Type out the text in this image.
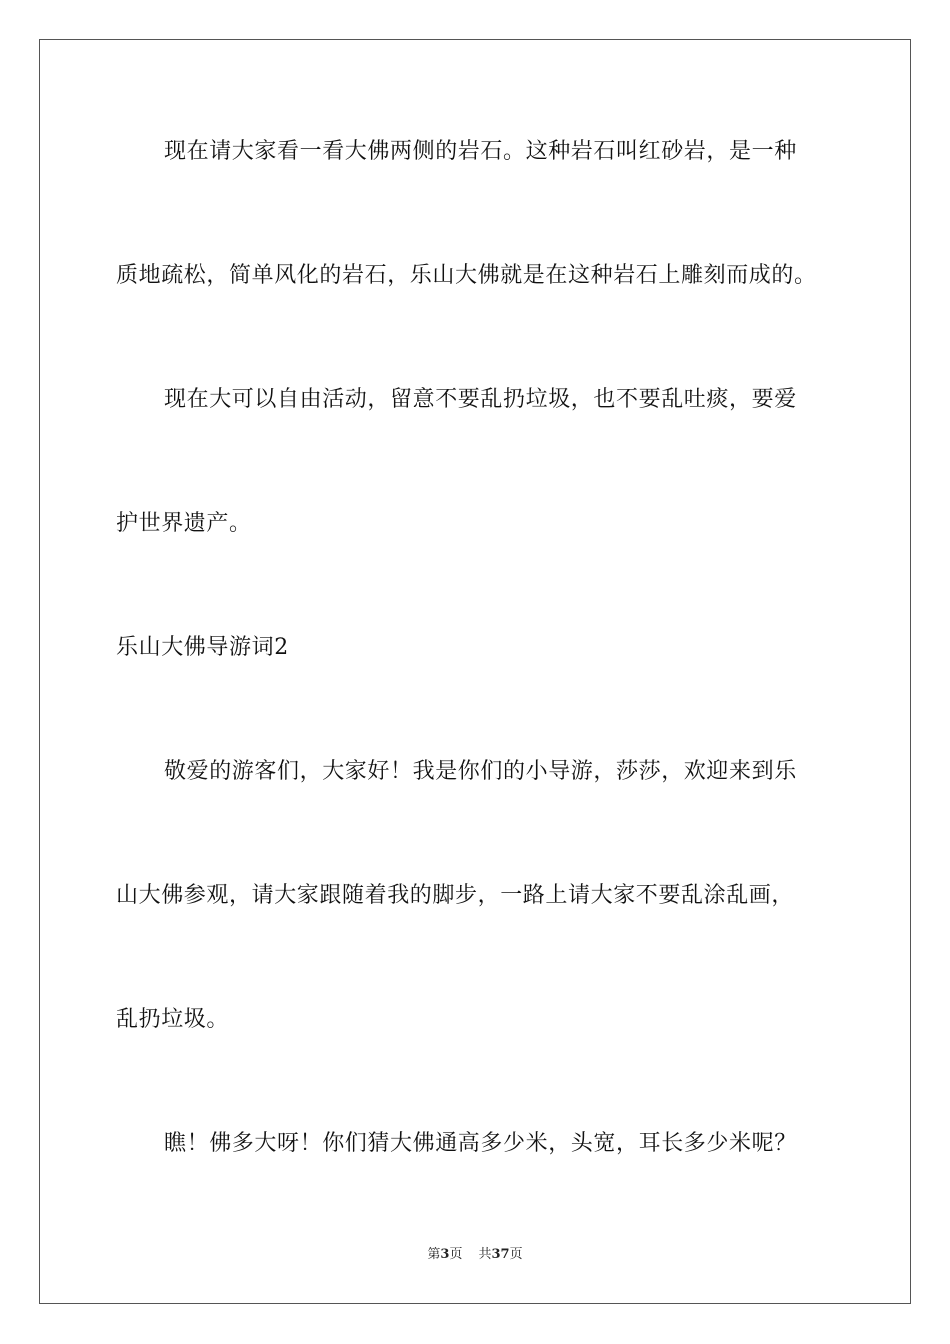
现在请大家看一看大佛两侧的岩石。这种岩石叫红砂岩，是一种
质地疏松，简单风化的岩石，乐山大佛就是在这种岩石上雕刻而成的。
现在大可以自由活动，留意不要乱扔垃圾，也不要乱吐痰，要爱
护世界遗产。
乐山大佛导游词2
敬爱的游客们，大家好！我是你们的小导游，莎莎，欢迎来到乐
山大佛参观，请大家跟随着我的脚步，一路上请大家不要乱涂乱画，
乱扔垃圾。
瞧！佛多大呀！你们猜大佛通高多少米，头宽，耳长多少米呢？
第3页 共37页
